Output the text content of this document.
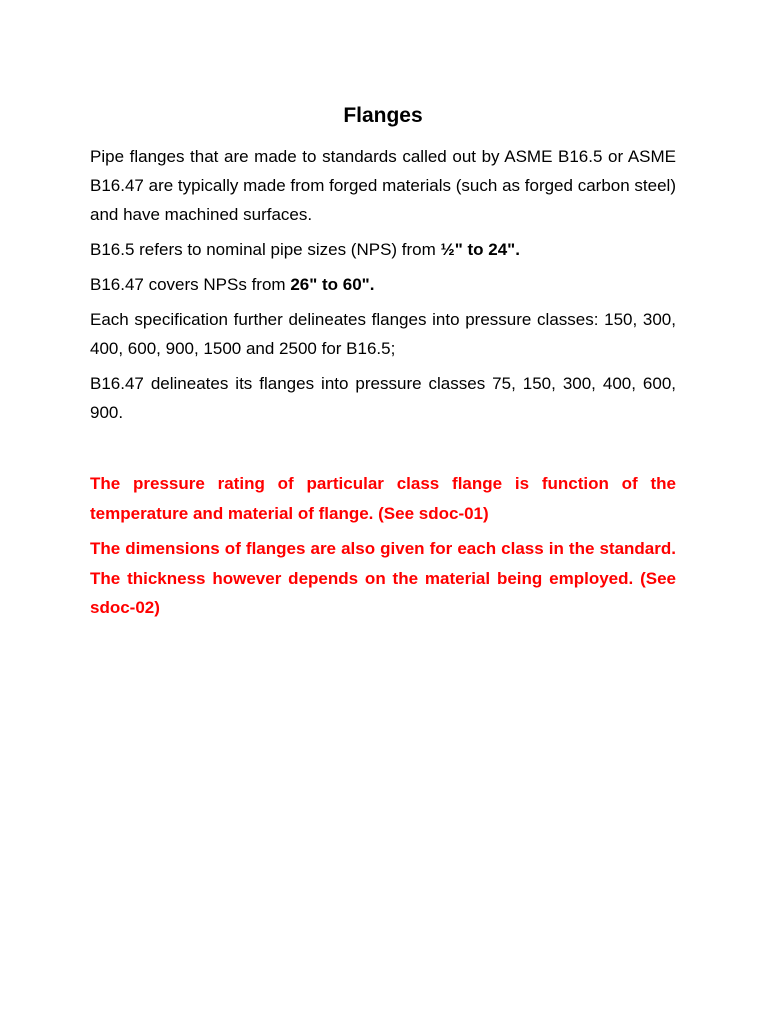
Flanges

Pipe flanges that are made to standards called out by ASME B16.5 or ASME B16.47 are typically made from forged materials (such as forged carbon steel) and have machined surfaces.

B16.5 refers to nominal pipe sizes (NPS) from ½" to 24".

B16.47 covers NPSs from 26" to 60".

Each specification further delineates flanges into pressure classes: 150, 300, 400, 600, 900, 1500 and 2500 for B16.5;

B16.47 delineates its flanges into pressure classes 75, 150, 300, 400, 600, 900.

The pressure rating of particular class flange is function of the temperature and material of flange. (See sdoc-01)

The dimensions of flanges are also given for each class in the standard. The thickness however depends on the material being employed. (See sdoc-02)
